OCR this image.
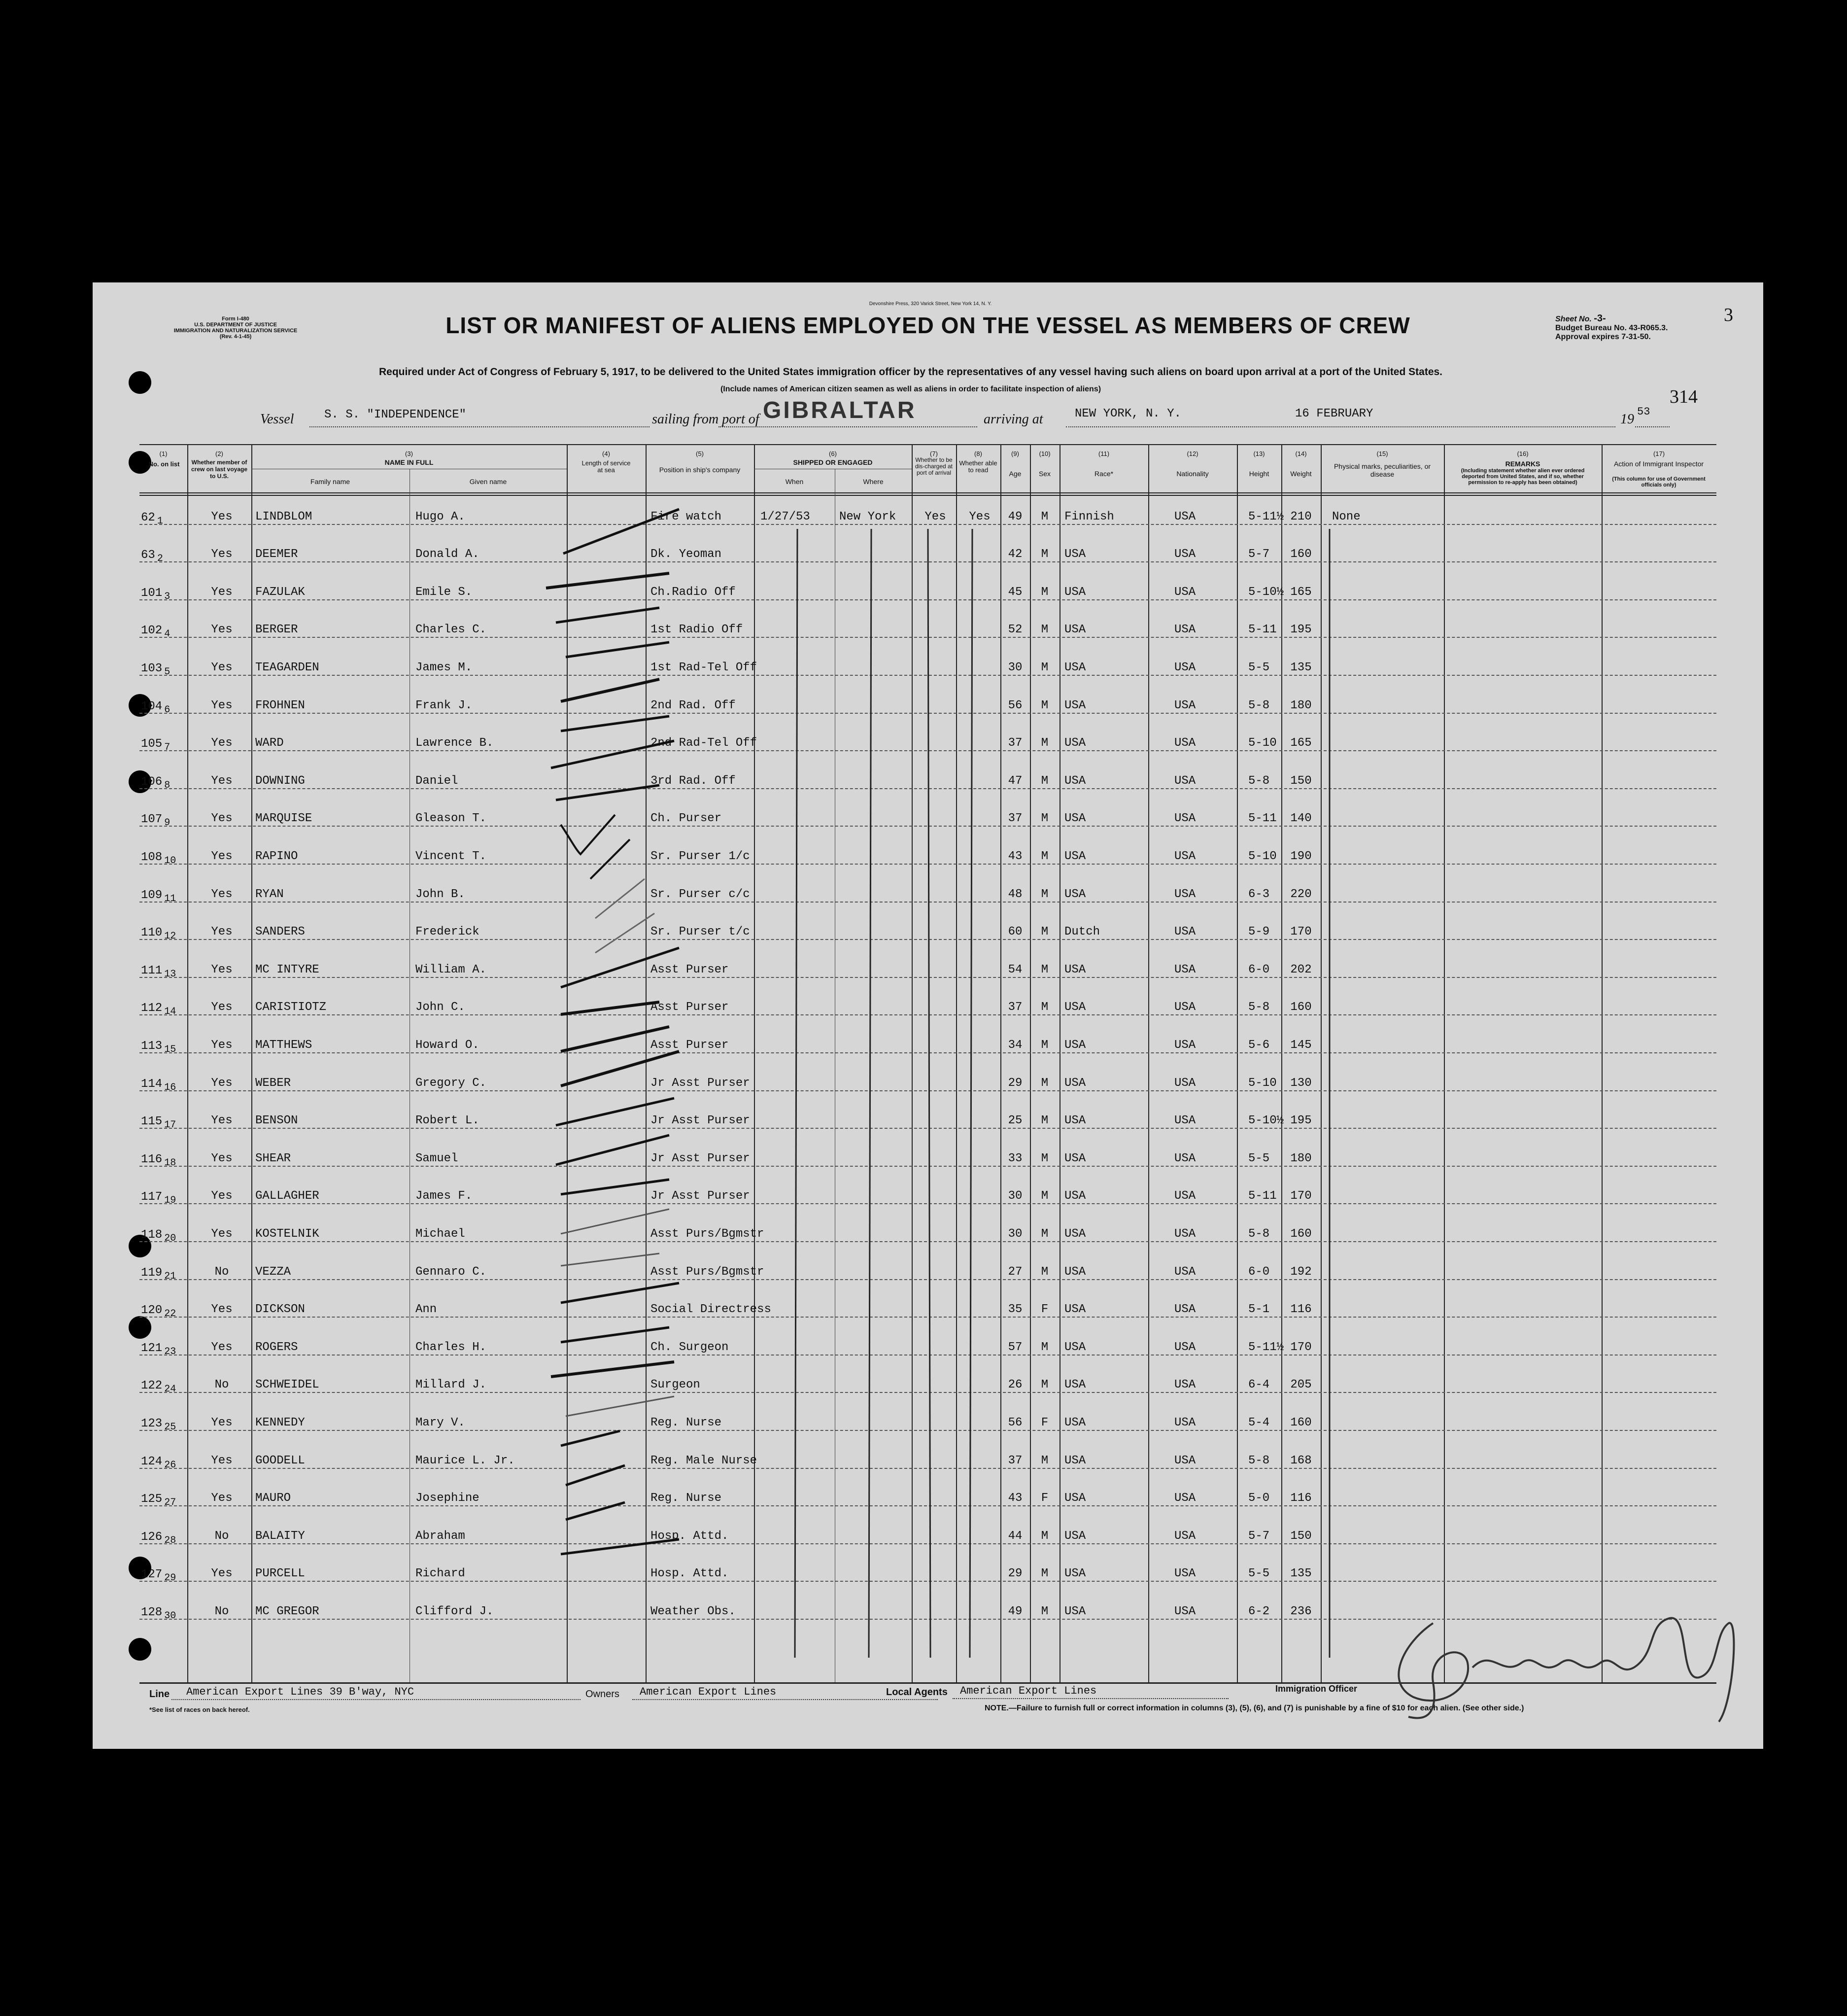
Form I-480
U.S. DEPARTMENT OF JUSTICE
IMMIGRATION AND NATURALIZATION SERVICE
(Rev. 4-1-45)
Devonshire Press, 320 Varick Street, New York 14, N. Y.
LIST OR MANIFEST OF ALIENS EMPLOYED ON THE VESSEL AS MEMBERS OF CREW	Sheet No. -3-
Budget Bureau No. 43-R065.3.
Approval expires 7-31-50.
3
314
Required under Act of Congress of February 5, 1917, to be delivered to the United States immigration officer by the representatives of any vessel having such aliens on board upon arrival at a port of the United States.
(Include names of American citizen seamen as well as aliens in order to facilitate inspection of aliens)
Vessel	S. S. "INDEPENDENCE"	sailing from port of GIBRALTAR	arriving at	NEW YORK, N. Y.	16 FEBRUARY	19 53
(1)
No. on list
(2)
Whether member of crew on last voyage to U.S.
(3)
NAME IN FULL
Family name	Given name
(4)
Length of service at sea
(5)
Position in ship's company
(6)
SHIPPED OR ENGAGED
When	Where
(7)
Whether to be dis-charged at port of arrival
(8)
Whether able to read
(9)
Age
(10)
Sex
(11)
Race*
(12)
Nationality
(13)
Height
(14)
Weight
(15)
Physical marks, peculiarities, or disease
(16)
REMARKS
(Including statement whether alien ever ordered deported from United States, and if so, whether permission to re-apply has been obtained)
(17)
Action of Immigrant Inspector
(This column for use of Government officials only)
62 $_1$	Yes	LINDBLOM	Hugo A.	Fire watch	1/27/53	New York	Yes	Yes	49	M	Finnish	USA	5-11½ 210	None
63 $_2$	Yes	DEEMER	Donald A.	Dk. Yeoman	42	M	USA	USA	5-7	160
101 $_3$	Yes	FAZULAK	Emile S.	Ch.Radio Off	45	M	USA	USA	5-10½ 165
102 $_4$	Yes	BERGER	Charles C.	1st Radio Off	52	M	USA	USA	5-11	195
103 $_5$	Yes	TEAGARDEN	James M.	1st Rad-Tel Off	30	M	USA	USA	5-5	135
104 $_6$	Yes	FROHNEN	Frank J.	2nd Rad. Off	56	M	USA	USA	5-8	180
105 $_7$	Yes	WARD	Lawrence B.	2nd Rad-Tel Off	37	M	USA	USA	5-10	165
106 $_8$	Yes	DOWNING	Daniel	3rd Rad. Off	47	M	USA	USA	5-8	150
107 $_9$	Yes	MARQUISE	Gleason T.	Ch. Purser	37	M	USA	USA	5-11	140
108 $_{10}$	Yes	RAPINO	Vincent T.	Sr. Purser 1/c	43	M	USA	USA	5-10	190
109 $_{11}$	Yes	RYAN	John B.	Sr. Purser c/c	48	M	USA	USA	6-3	220
110 $_{12}$	Yes	SANDERS	Frederick	Sr. Purser t/c	60	M	Dutch	USA	5-9	170
111 $_{13}$	Yes	MC INTYRE	William A.	Asst Purser	54	M	USA	USA	6-0	202
112 $_{14}$	Yes	CARISTIOTZ	John C.	Asst Purser	37	M	USA	USA	5-8	160
113 $_{15}$	Yes	MATTHEWS	Howard O.	Asst Purser	34	M	USA	USA	5-6	145
114 $_{16}$	Yes	WEBER	Gregory C.	Jr Asst Purser	29	M	USA	USA	5-10	130
115 $_{17}$	Yes	BENSON	Robert L.	Jr Asst Purser	25	M	USA	USA	5-10½ 195
116 $_{18}$	Yes	SHEAR	Samuel	Jr Asst Purser	33	M	USA	USA	5-5	180
117 $_{19}$	Yes	GALLAGHER	James F.	Jr Asst Purser	30	M	USA	USA	5-11	170
118 $_{20}$	Yes	KOSTELNIK	Michael	Asst Purs/Bgmstr	30	M	USA	USA	5-8	160
119 $_{21}$	No	VEZZA	Gennaro C.	Asst Purs/Bgmstr	27	M	USA	USA	6-0	192
120 $_{22}$	Yes	DICKSON	Ann	Social Directress	35	F	USA	USA	5-1	116
121 $_{23}$	Yes	ROGERS	Charles H.	Ch. Surgeon	57	M	USA	USA	5-11½ 170
122 $_{24}$	No	SCHWEIDEL	Millard J.	Surgeon	26	M	USA	USA	6-4	205
123 $_{25}$	Yes	KENNEDY	Mary V.	Reg. Nurse	56	F	USA	USA	5-4	160
124 $_{26}$	Yes	GOODELL	Maurice L. Jr.	Reg. Male Nurse	37	M	USA	USA	5-8	168
125 $_{27}$	Yes	MAURO	Josephine	Reg. Nurse	43	F	USA	USA	5-0	116
126 $_{28}$	No	BALAITY	Abraham	Hosp. Attd.	44	M	USA	USA	5-7	150
127 $_{29}$	Yes	PURCELL	Richard	Hosp. Attd.	29	M	USA	USA	5-5	135
128 $_{30}$	No	MC GREGOR	Clifford J.	Weather Obs.	49	M	USA	USA	6-2	236
Line American Export Lines 39 B'way, NYC	Owners American Export Lines	Local Agents American Export Lines	Immigration Officer
*See list of races on back hereof.	NOTE.—Failure to furnish full or correct information in columns (3), (5), (6), and (7) is punishable by a fine of $10 for each alien. (See other side.)
